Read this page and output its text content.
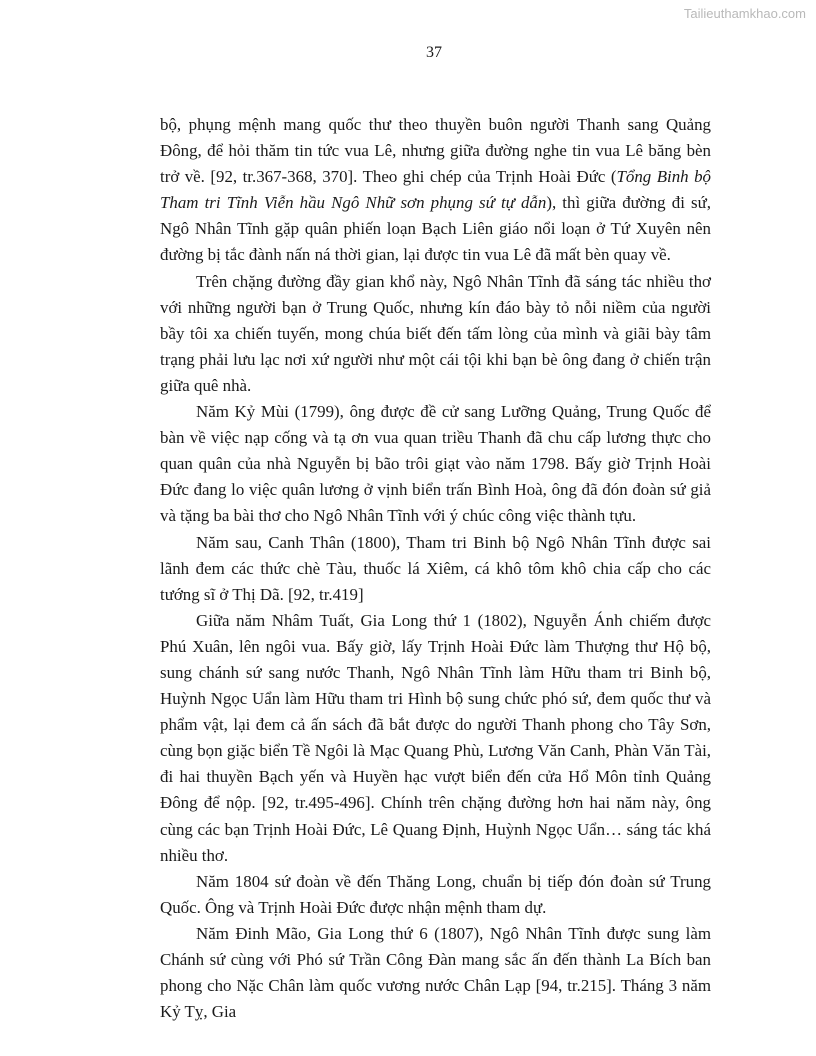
Tailieuthamkhao.com
37

bộ, phụng mệnh mang quốc thư theo thuyền buôn người Thanh sang Quảng Đông, để hỏi thăm tin tức vua Lê, nhưng giữa đường nghe tin vua Lê băng bèn trở về. [92, tr.367-368, 370]. Theo ghi chép của Trịnh Hoài Đức (Tổng Binh bộ Tham tri Tĩnh Viễn hầu Ngô Nhữ sơn phụng sứ tự dẫn), thì giữa đường đi sứ, Ngô Nhân Tĩnh gặp quân phiến loạn Bạch Liên giáo nổi loạn ở Tứ Xuyên nên đường bị tắc đành nấn ná thời gian, lại được tin vua Lê đã mất bèn quay về.

Trên chặng đường đầy gian khổ này, Ngô Nhân Tĩnh đã sáng tác nhiều thơ với những người bạn ở Trung Quốc, nhưng kín đáo bày tỏ nỗi niềm của người bầy tôi xa chiến tuyến, mong chúa biết đến tấm lòng của mình và giãi bày tâm trạng phải lưu lạc nơi xứ người như một cái tội khi bạn bè ông đang ở chiến trận giữa quê nhà.

Năm Kỷ Mùi (1799), ông được đề cử sang Lưỡng Quảng, Trung Quốc để bàn về việc nạp cống và tạ ơn vua quan triều Thanh đã chu cấp lương thực cho quan quân của nhà Nguyễn bị bão trôi giạt vào năm 1798. Bấy giờ Trịnh Hoài Đức đang lo việc quân lương ở vịnh biển trấn Bình Hoà, ông đã đón đoàn sứ giả và tặng ba bài thơ cho Ngô Nhân Tĩnh với ý chúc công việc thành tựu.

Năm sau, Canh Thân (1800), Tham tri Binh bộ Ngô Nhân Tĩnh được sai lãnh đem các thức chè Tàu, thuốc lá Xiêm, cá khô tôm khô chia cấp cho các tướng sĩ ở Thị Dã. [92, tr.419]

Giữa năm Nhâm Tuất, Gia Long thứ 1 (1802), Nguyễn Ánh chiếm được Phú Xuân, lên ngôi vua. Bấy giờ, lấy Trịnh Hoài Đức làm Thượng thư Hộ bộ, sung chánh sứ sang nước Thanh, Ngô Nhân Tĩnh làm Hữu tham tri Binh bộ, Huỳnh Ngọc Uẩn làm Hữu tham tri Hình bộ sung chức phó sứ, đem quốc thư và phẩm vật, lại đem cả ấn sách đã bắt được do người Thanh phong cho Tây Sơn, cùng bọn giặc biển Tề Ngôi là Mạc Quang Phù, Lương Văn Canh, Phàn Văn Tài, đi hai thuyền Bạch yến và Huyền hạc vượt biển đến cửa Hổ Môn tỉnh Quảng Đông để nộp. [92, tr.495-496]. Chính trên chặng đường hơn hai năm này, ông cùng các bạn Trịnh Hoài Đức, Lê Quang Định, Huỳnh Ngọc Uẩn… sáng tác khá nhiều thơ.

Năm 1804 sứ đoàn về đến Thăng Long, chuẩn bị tiếp đón đoàn sứ Trung Quốc. Ông và Trịnh Hoài Đức được nhận mệnh tham dự.

Năm Đinh Mão, Gia Long thứ 6 (1807), Ngô Nhân Tĩnh được sung làm Chánh sứ cùng với Phó sứ Trần Công Đàn mang sắc ấn đến thành La Bích ban phong cho Nặc Chân làm quốc vương nước Chân Lạp [94, tr.215]. Tháng 3 năm Kỷ Tỵ, Gia
